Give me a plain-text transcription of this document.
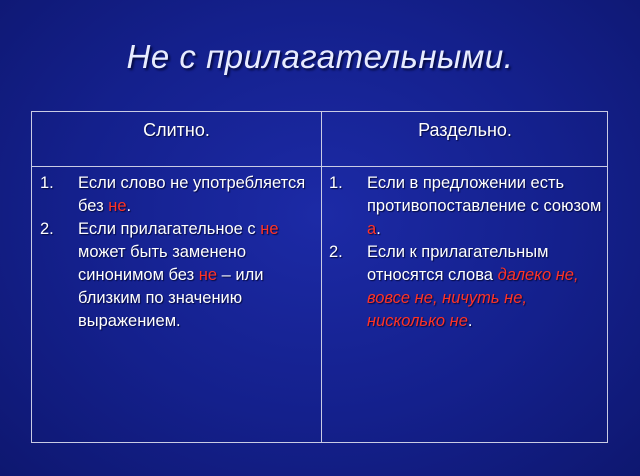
Не с прилагательными.
Слитно.	Раздельно.
1. Если слово не употребляется без не.
2. Если прилагательное с не может быть заменено синонимом без не – или близким по значению выражением.
1. Если в предложении есть противопоставление с союзом а.
2. Если к прилагательным относятся слова далеко не, вовсе не, ничуть не, нисколько не.
